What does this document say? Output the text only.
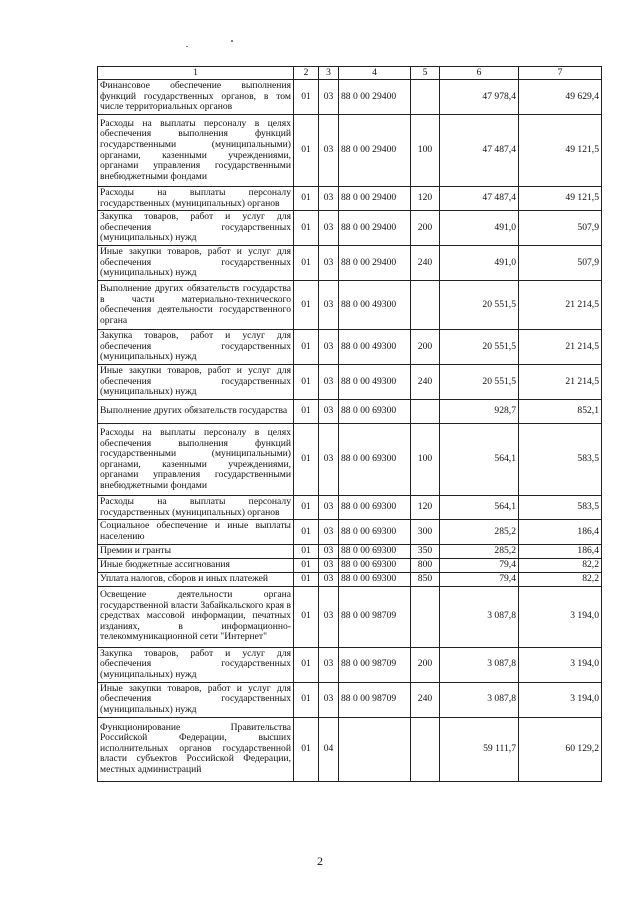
1	2	3	4	5	6	7
Финансовое обеспечение выполнения функций государственных органов, в том числе территориальных органов	01	03	88 0 00 29400		47 978,4	49 629,4
Расходы на выплаты персоналу в целях обеспечения выполнения функций государственными (муниципальными) органами, казенными учреждениями, органами управления государственными внебюджетными фондами	01	03	88 0 00 29400	100	47 487,4	49 121,5
Расходы на выплаты персоналу государственных (муниципальных) органов	01	03	88 0 00 29400	120	47 487,4	49 121,5
Закупка товаров, работ и услуг для обеспечения государственных (муниципальных) нужд	01	03	88 0 00 29400	200	491,0	507,9
Иные закупки товаров, работ и услуг для обеспечения государственных (муниципальных) нужд	01	03	88 0 00 29400	240	491,0	507,9
Выполнение других обязательств государства в части материально-технического обеспечения деятельности государственного органа	01	03	88 0 00 49300		20 551,5	21 214,5
Закупка товаров, работ и услуг для обеспечения государственных (муниципальных) нужд	01	03	88 0 00 49300	200	20 551,5	21 214,5
Иные закупки товаров, работ и услуг для обеспечения государственных (муниципальных) нужд	01	03	88 0 00 49300	240	20 551,5	21 214,5
Выполнение других обязательств государства	01	03	88 0 00 69300		928,7	852,1
Расходы на выплаты персоналу в целях обеспечения выполнения функций государственными (муниципальными) органами, казенными учреждениями, органами управления государственными внебюджетными фондами	01	03	88 0 00 69300	100	564,1	583,5
Расходы на выплаты персоналу государственных (муниципальных) органов	01	03	88 0 00 69300	120	564,1	583,5
Социальное обеспечение и иные выплаты населению	01	03	88 0 00 69300	300	285,2	186,4
Премии и гранты	01	03	88 0 00 69300	350	285,2	186,4
Иные бюджетные ассигнования	01	03	88 0 00 69300	800	79,4	82,2
Уплата налогов, сборов и иных платежей	01	03	88 0 00 69300	850	79,4	82,2
Освещение деятельности органа государственной власти Забайкальского края в средствах массовой информации, печатных изданиях, в информационно-телекоммуникационной сети "Интернет"	01	03	88 0 00 98709		3 087,8	3 194,0
Закупка товаров, работ и услуг для обеспечения государственных (муниципальных) нужд	01	03	88 0 00 98709	200	3 087,8	3 194,0
Иные закупки товаров, работ и услуг для обеспечения государственных (муниципальных) нужд	01	03	88 0 00 98709	240	3 087,8	3 194,0
Функционирование Правительства Российской Федерации, высших исполнительных органов государственной власти субъектов Российской Федерации, местных администраций	01	04			59 111,7	60 129,2
2
